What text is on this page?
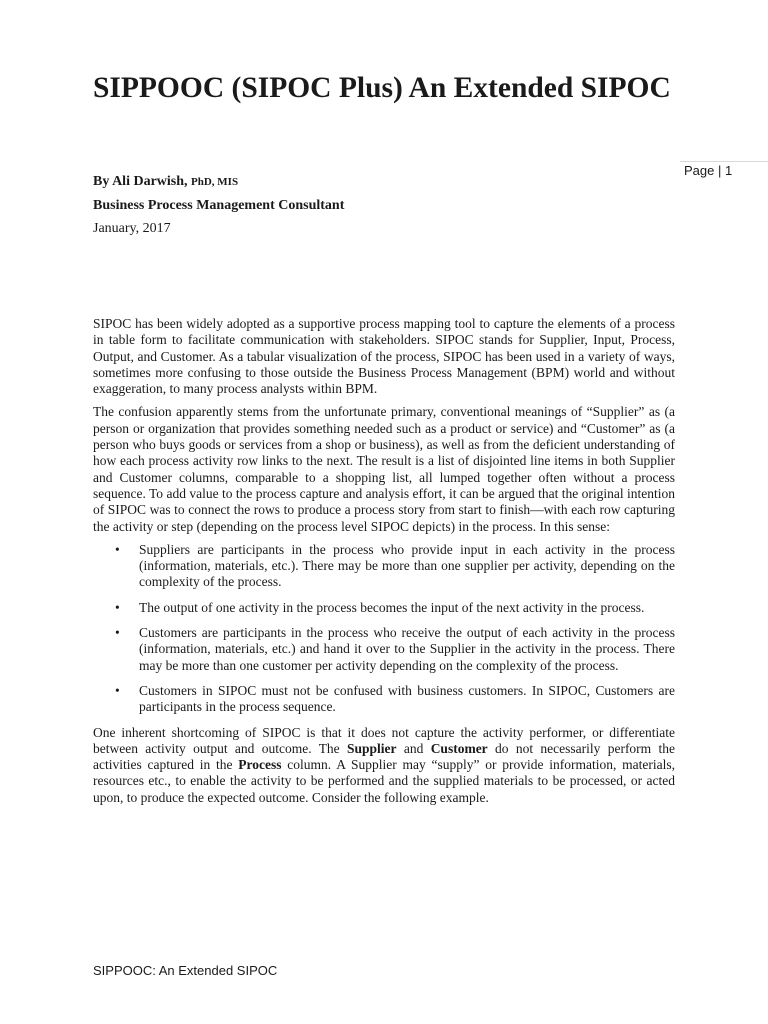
SIPPOOC (SIPOC Plus) An Extended SIPOC
Page | 1
By Ali Darwish, PhD, MIS
Business Process Management Consultant
January, 2017

SIPOC has been widely adopted as a supportive process mapping tool to capture the elements of a process in table form to facilitate communication with stakeholders. SIPOC stands for Supplier, Input, Process, Output, and Customer. As a tabular visualization of the process, SIPOC has been used in a variety of ways, sometimes more confusing to those outside the Business Process Management (BPM) world and without exaggeration, to many process analysts within BPM.

The confusion apparently stems from the unfortunate primary, conventional meanings of “Supplier” as (a person or organization that provides something needed such as a product or service) and “Customer” as (a person who buys goods or services from a shop or business), as well as from the deficient understanding of how each process activity row links to the next. The result is a list of disjointed line items in both Supplier and Customer columns, comparable to a shopping list, all lumped together often without a process sequence. To add value to the process capture and analysis effort, it can be argued that the original intention of SIPOC was to connect the rows to produce a process story from start to finish—with each row capturing the activity or step (depending on the process level SIPOC depicts) in the process. In this sense:

• Suppliers are participants in the process who provide input in each activity in the process (information, materials, etc.). There may be more than one supplier per activity, depending on the complexity of the process.
• The output of one activity in the process becomes the input of the next activity in the process.
• Customers are participants in the process who receive the output of each activity in the process (information, materials, etc.) and hand it over to the Supplier in the activity in the process. There may be more than one customer per activity depending on the complexity of the process.
• Customers in SIPOC must not be confused with business customers. In SIPOC, Customers are participants in the process sequence.

One inherent shortcoming of SIPOC is that it does not capture the activity performer, or differentiate between activity output and outcome. The Supplier and Customer do not necessarily perform the activities captured in the Process column. A Supplier may “supply” or provide information, materials, resources etc., to enable the activity to be performed and the supplied materials to be processed, or acted upon, to produce the expected outcome. Consider the following example.

SIPPOOC: An Extended SIPOC
